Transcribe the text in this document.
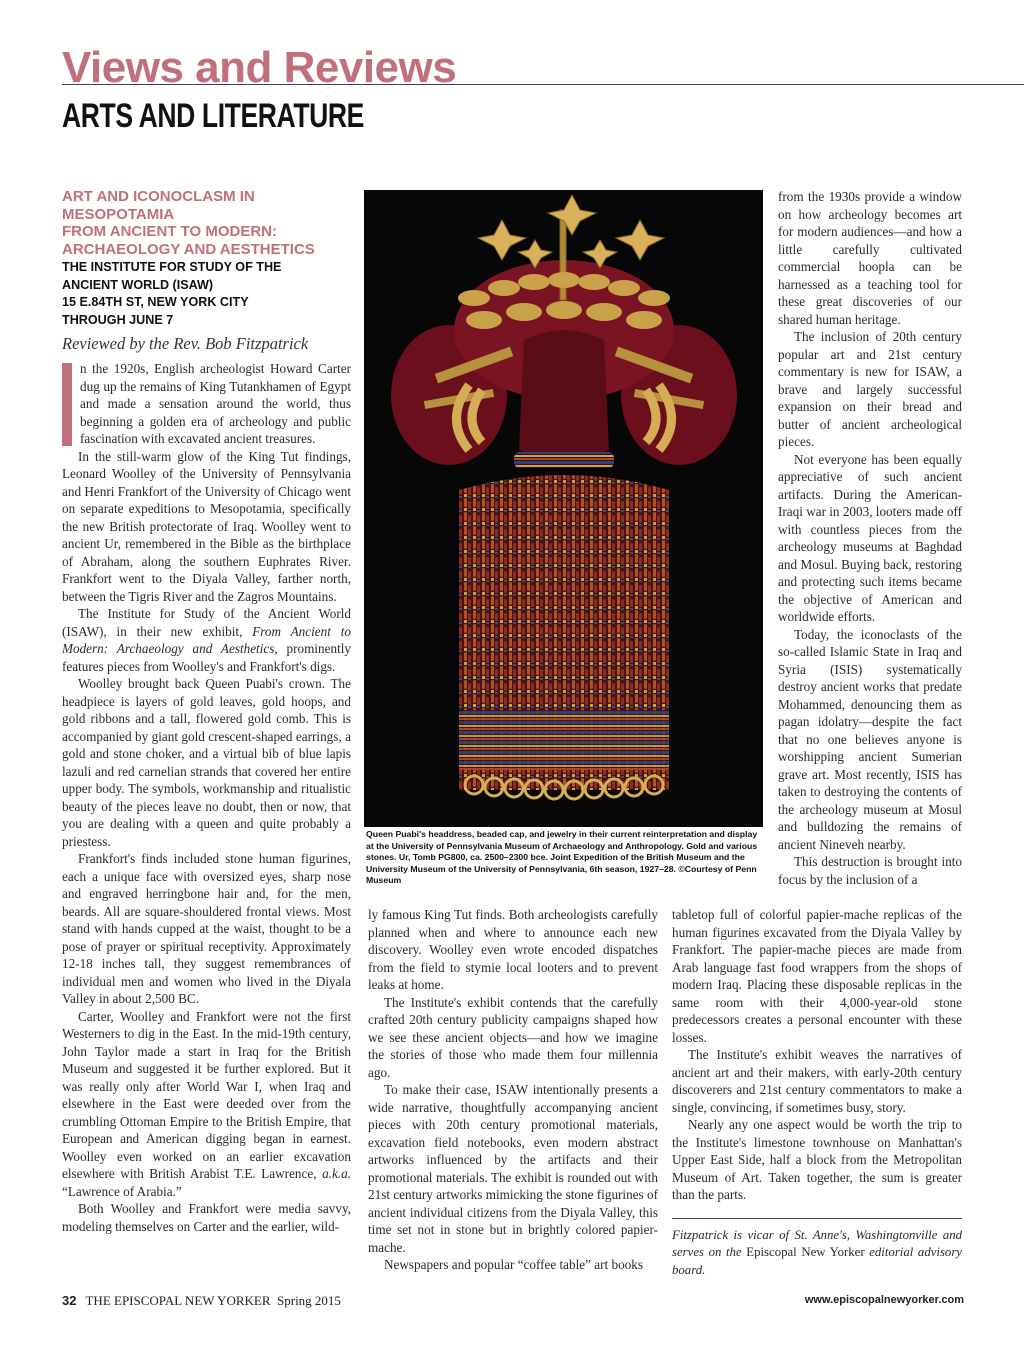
Views and Reviews
ARTS AND LITERATURE
ART AND ICONOCLASM IN
MESOPOTAMIA
FROM ANCIENT TO MODERN:
ARCHAEOLOGY AND AESTHETICS
THE INSTITUTE FOR STUDY OF THE
ANCIENT WORLD (ISAW)
15 E.84TH ST, NEW YORK CITY
THROUGH JUNE 7
Reviewed by the Rev. Bob Fitzpatrick

n the 1920s, English archeologist Howard Carter dug up the remains of King Tutankhamen of Egypt and made a sensation around the world, thus beginning a golden era of archeology and public fascination with excavated ancient treasures.

In the still-warm glow of the King Tut findings, Leonard Woolley of the University of Pennsylvania and Henri Frankfort of the University of Chicago went on separate expeditions to Mesopotamia, specifically the new British protectorate of Iraq. Woolley went to ancient Ur, remembered in the Bible as the birthplace of Abraham, along the southern Euphrates River. Frankfort went to the Diyala Valley, farther north, between the Tigris River and the Zagros Mountains.

The Institute for Study of the Ancient World (ISAW), in their new exhibit, From Ancient to Modern: Archaeology and Aesthetics, prominently features pieces from Woolley's and Frankfort's digs.

Woolley brought back Queen Puabi's crown. The headpiece is layers of gold leaves, gold hoops, and gold ribbons and a tall, flowered gold comb. This is accompanied by giant gold crescent-shaped earrings, a gold and stone choker, and a virtual bib of blue lapis lazuli and red carnelian strands that covered her entire upper body. The symbols, workmanship and ritualistic beauty of the pieces leave no doubt, then or now, that you are dealing with a queen and quite probably a priestess.

Frankfort's finds included stone human figurines, each a unique face with oversized eyes, sharp nose and engraved herringbone hair and, for the men, beards. All are square-shouldered frontal views. Most stand with hands cupped at the waist, thought to be a pose of prayer or spiritual receptivity. Approximately 12-18 inches tall, they suggest remembrances of individual men and women who lived in the Diyala Valley in about 2,500 BC.

Carter, Woolley and Frankfort were not the first Westerners to dig in the East. In the mid-19th century, John Taylor made a start in Iraq for the British Museum and suggested it be further explored. But it was really only after World War I, when Iraq and elsewhere in the East were deeded over from the crumbling Ottoman Empire to the British Empire, that European and American digging began in earnest. Woolley even worked on an earlier excavation elsewhere with British Arabist T.E. Lawrence, a.k.a. “Lawrence of Arabia.”

Both Woolley and Frankfort were media savvy, modeling themselves on Carter and the earlier, wild-

Queen Puabi's headdress, beaded cap, and jewelry in their current reinterpretation and display at the University of Pennsylvania Museum of Archaeology and Anthropology. Gold and various stones. Ur, Tomb PG800, ca. 2500–2300 bce. Joint Expedition of the British Museum and the University Museum of the University of Pennsylvania, 6th season, 1927–28. ©Courtesy of Penn Museum

from the 1930s provide a window on how archeology becomes art for modern audiences—and how a little carefully cultivated commercial hoopla can be harnessed as a teaching tool for these great discoveries of our shared human heritage.

The inclusion of 20th century popular art and 21st century commentary is new for ISAW, a brave and largely successful expansion on their bread and butter of ancient archeological pieces.

Not everyone has been equally appreciative of such ancient artifacts. During the American-Iraqi war in 2003, looters made off with countless pieces from the archeology museums at Baghdad and Mosul. Buying back, restoring and protecting such items became the objective of American and worldwide efforts.

Today, the iconoclasts of the so-called Islamic State in Iraq and Syria (ISIS) systematically destroy ancient works that predate Mohammed, denouncing them as pagan idolatry—despite the fact that no one believes anyone is worshipping ancient Sumerian grave art. Most recently, ISIS has taken to destroying the contents of the archeology museum at Mosul and bulldozing the remains of ancient Nineveh nearby.

This destruction is brought into focus by the inclusion of a

ly famous King Tut finds. Both archeologists carefully planned when and where to announce each new discovery. Woolley even wrote encoded dispatches from the field to stymie local looters and to prevent leaks at home.

The Institute's exhibit contends that the carefully crafted 20th century publicity campaigns shaped how we see these ancient objects—and how we imagine the stories of those who made them four millennia ago.

To make their case, ISAW intentionally presents a wide narrative, thoughtfully accompanying ancient pieces with 20th century promotional materials, excavation field notebooks, even modern abstract artworks influenced by the artifacts and their promotional materials. The exhibit is rounded out with 21st century artworks mimicking the stone figurines of ancient individual citizens from the Diyala Valley, this time set not in stone but in brightly colored papier-mache.

Newspapers and popular “coffee table” art books

tabletop full of colorful papier-mache replicas of the human figurines excavated from the Diyala Valley by Frankfort. The papier-mache pieces are made from Arab language fast food wrappers from the shops of modern Iraq. Placing these disposable replicas in the same room with their 4,000-year-old stone predecessors creates a personal encounter with these losses.

The Institute's exhibit weaves the narratives of ancient art and their makers, with early-20th century discoverers and 21st century commentators to make a single, convincing, if sometimes busy, story.

Nearly any one aspect would be worth the trip to the Institute's limestone townhouse on Manhattan's Upper East Side, half a block from the Metropolitan Museum of Art. Taken together, the sum is greater than the parts.

Fitzpatrick is vicar of St. Anne's, Washingtonville and serves on the Episcopal New Yorker editorial advisory board.
32 THE EPISCOPAL NEW YORKER Spring 2015	www.episcopalnewyorker.com
